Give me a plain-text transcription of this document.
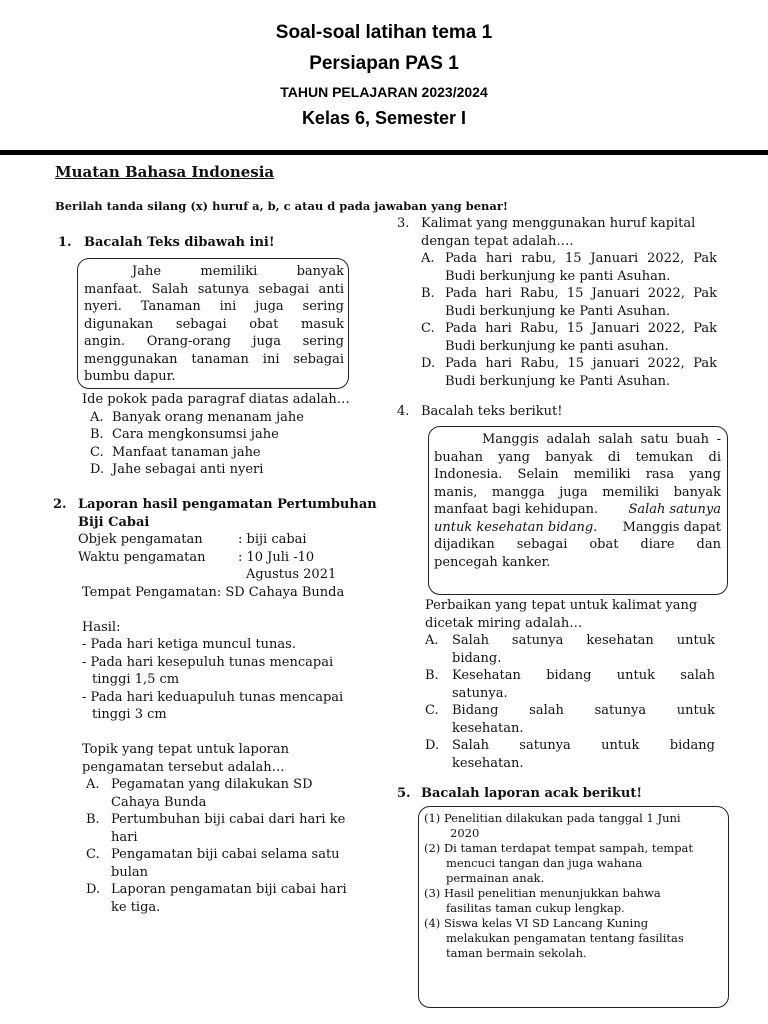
Soal-soal latihan tema 1
Persiapan PAS 1
TAHUN PELAJARAN 2023/2024
Kelas 6, Semester I
Muatan Bahasa Indonesia
Berilah tanda silang (x) huruf a, b, c atau d pada jawaban yang benar!
1. Bacalah Teks dibawah ini!
Jahe memiliki banyak
manfaat. Salah satunya sebagai anti
nyeri. Tanaman ini juga sering
digunakan sebagai obat masuk
angin. Orang-orang juga sering
menggunakan tanaman ini sebagai
bumbu dapur.
Ide pokok pada paragraf diatas adalah…
A. Banyak orang menanam jahe
B. Cara mengkonsumsi jahe
C. Manfaat tanaman jahe
D. Jahe sebagai anti nyeri
2. Laporan hasil pengamatan Pertumbuhan
Biji Cabai
Objek pengamatan	: biji cabai
Waktu pengamatan	: 10 Juli -10
Agustus 2021
Tempat Pengamatan: SD Cahaya Bunda
Hasil:
- Pada hari ketiga muncul tunas.
- Pada hari kesepuluh tunas mencapai
tinggi 1,5 cm
- Pada hari keduapuluh tunas mencapai
tinggi 3 cm
Topik yang tepat untuk laporan
pengamatan tersebut adalah…
A. Pegamatan yang dilakukan SD
Cahaya Bunda
B. Pertumbuhan biji cabai dari hari ke
hari
C. Pengamatan biji cabai selama satu
bulan
D. Laporan pengamatan biji cabai hari
ke tiga.
3. Kalimat yang menggunakan huruf kapital
dengan tepat adalah….
A. Pada hari rabu, 15 Januari 2022, Pak
Budi berkunjung ke panti Asuhan.
B. Pada hari Rabu, 15 Januari 2022, Pak
Budi berkunjung ke Panti Asuhan.
C. Pada hari Rabu, 15 Januari 2022, Pak
Budi berkunjung ke panti asuhan.
D. Pada hari Rabu, 15 januari 2022, Pak
Budi berkunjung ke Panti Asuhan.
4. Bacalah teks berikut!
Manggis adalah salah satu buah -
buahan yang banyak di temukan di
Indonesia. Selain memiliki rasa yang
manis, mangga juga memiliki banyak
manfaat bagi kehidupan. Salah satunya
untuk kesehatan bidang. Manggis dapat
dijadikan sebagai obat diare dan
pencegah kanker.
Perbaikan yang tepat untuk kalimat yang
dicetak miring adalah…
A.	Salah satunya kesehatan untuk
bidang.
B.	Kesehatan bidang untuk salah
satunya.
C.	Bidang salah satunya untuk
kesehatan.
D. Salah satunya untuk bidang
kesehatan.
5. Bacalah laporan acak berikut!
(1) Penelitian dilakukan pada tanggal 1 Juni
2020
(2) Di taman terdapat tempat sampah, tempat
mencuci tangan dan juga wahana
permainan anak.
(3) Hasil penelitian menunjukkan bahwa
fasilitas taman cukup lengkap.
(4) Siswa kelas VI SD Lancang Kuning
melakukan pengamatan tentang fasilitas
taman bermain sekolah.
